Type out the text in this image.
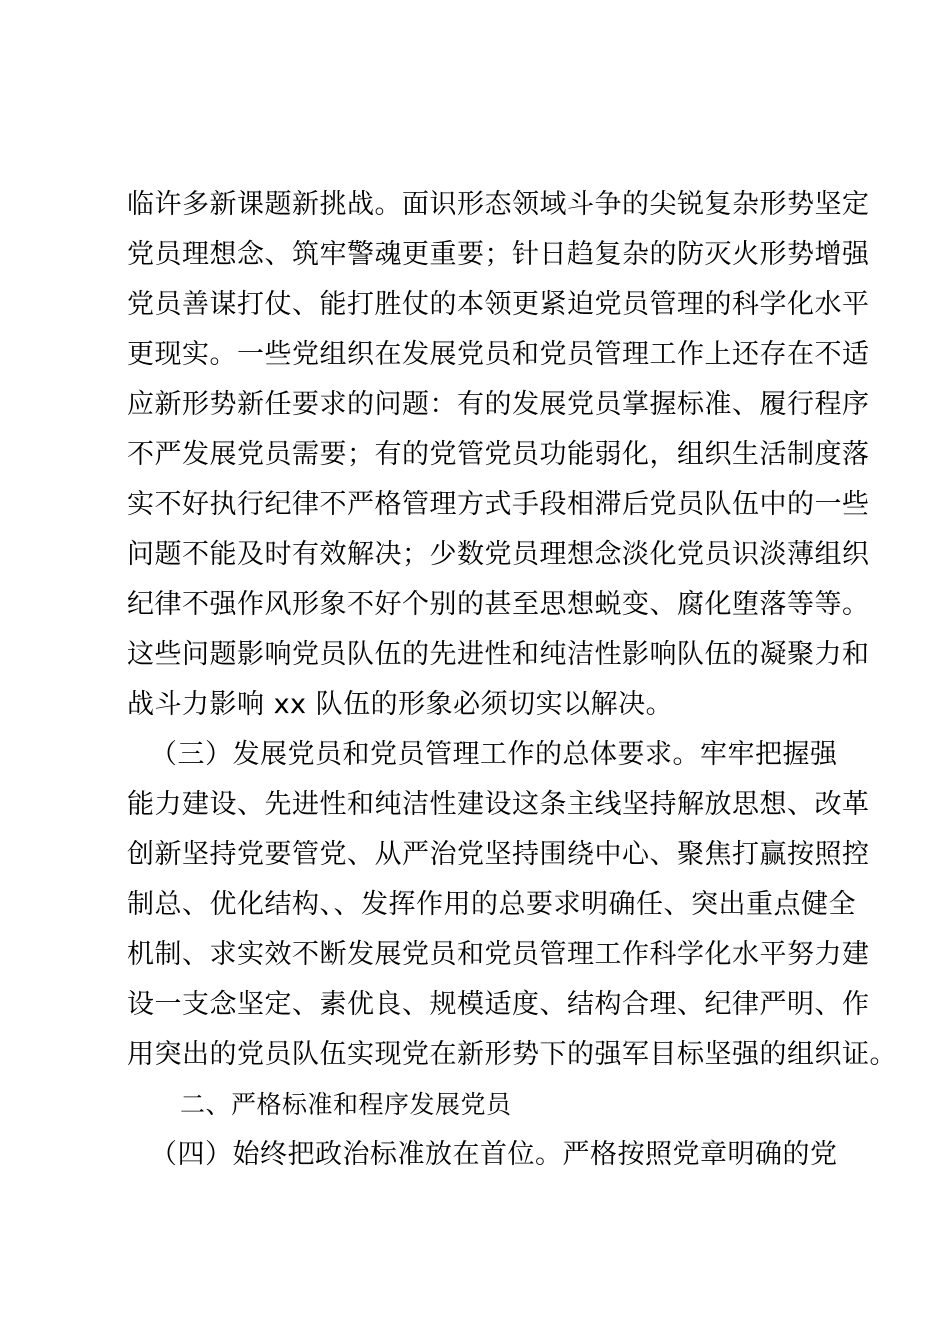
临许多新课题新挑战。面识形态领域斗争的尖锐复杂形势坚定
党员理想念、筑牢警魂更重要；针日趋复杂的防灭火形势增强
党员善谋打仗、能打胜仗的本领更紧迫党员管理的科学化水平
更现实。一些党组织在发展党员和党员管理工作上还存在不适
应新形势新任要求的问题：有的发展党员掌握标准、履行程序
不严发展党员需要；有的党管党员功能弱化，组织生活制度落
实不好执行纪律不严格管理方式手段相滞后党员队伍中的一些
问题不能及时有效解决；少数党员理想念淡化党员识淡薄组织
纪律不强作风形象不好个别的甚至思想蜕变、腐化堕落等等。
这些问题影响党员队伍的先进性和纯洁性影响队伍的凝聚力和
战斗力影响 xx 队伍的形象必须切实以解决。
（三）发展党员和党员管理工作的总体要求。牢牢把握强
能力建设、先进性和纯洁性建设这条主线坚持解放思想、改革
创新坚持党要管党、从严治党坚持围绕中心、聚焦打赢按照控
制总、优化结构、、发挥作用的总要求明确任、突出重点健全
机制、求实效不断发展党员和党员管理工作科学化水平努力建
设一支念坚定、素优良、规模适度、结构合理、纪律严明、作
用突出的党员队伍实现党在新形势下的强军目标坚强的组织证。
二、严格标准和程序发展党员
（四）始终把政治标准放在首位。严格按照党章明确的党
